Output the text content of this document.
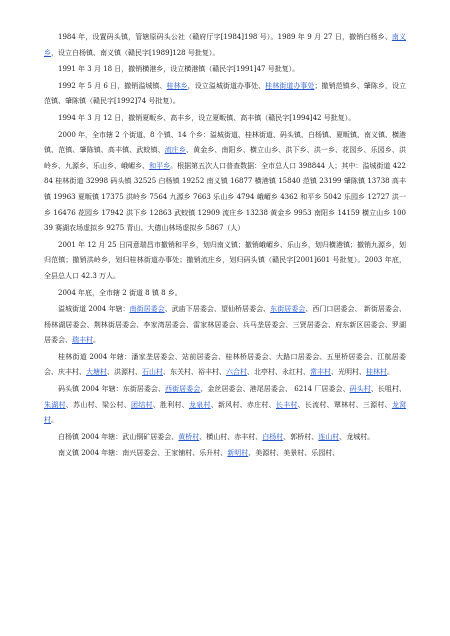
1984 年，设置码头镇，管辖原码头公社（赣府厅字[1984]198 号）。1989 年 9 月 27 日，撤销白杨乡、南义乡，设立白杨镇、南义镇（赣民字[1989]128 号批复）。

1991 年 3 月 18 日，撤销横港乡，设立横港镇（赣民字[1991]47 号批复）。

1992 年 5 月 6 日，撤销溢城镇、桂林乡，设立溢城街道办事处、桂林街道办事处；撤销范镇乡、肇陈乡，设立范镇、肇陈镇（赣民字[1992]74 号批复）。

1994 年 3 月 12 日，撤销夏畈乡、高丰乡，设立夏畈镇、高丰镇（赣民字[1994]42 号批复）。

2000 年，全市辖 2 个街道、8 个镇、14 个乡：溢城街道、桂林街道、码头镇、白杨镇、夏畈镇、南义镇、横港镇、范镇、肇陈镇、高丰镇、武蛟镇、流庄乡、黄金乡、南阳乡、横立山乡、洪下乡、洪一乡、花园乡、乐园乡、洪岭乡、九源乡、乐山乡、峨嵋乡、和平乡。根据第五次人口普查数据：全市总人口 398844 人；其中：溢城街道 42284 桂林街道 32998 码头镇 32525 白杨镇 19252 南义镇 16877 横港镇 15840 范镇 23199 肇陈镇 13738 高丰镇 19963 夏畈镇 17375 洪岭乡 7564 九源乡 7663 乐山乡 4794 峨嵋乡 4362 和平乡 5042 乐园乡 12727 洪一乡 16476 花园乡 17942 洪下乡 12863 武蛟镇 12909 流庄乡 13238 黄金乡 9953 南阳乡 14159 横立山乡 10039 赛湖农场虚拟乡 9275 青山、大德山林场虚拟乡 5867（人）

2001 年 12 月 25 日同意瑞昌市撤销和平乡，划归南义镇；撤销峨嵋乡、乐山乡，划归横港镇；撤销九源乡，划归范镇；撤销洪岭乡，划归桂林街道办事处；撤销流庄乡，划归码头镇（赣民字[2001]601 号批复）。2003 年底，全县总人口 42.3 万人。

2004 年底，全市辖 2 街道 8 镇 8 乡。

溢城街道 2004 年辖：南街居委会、武庙下居委会、望仙桥居委会、东街居委会、西门口居委会、 新街居委会、杨林湖居委会、荆林街居委会、李家湾居委会、雷家林居委会、兵马垄居委会、三贤居委会、府东新区居委会、罗湖居委会、瑞丰村。

桂林街道 2004 年辖：潘家垄居委会、站前居委会、桂林桥居委会、大路口居委会、五里桥居委会、江航居委会、庆丰村、大塘村、洪源村、石山村、东关村、裕丰村、六合村、北亭村、永红村、常丰村、光明村、桂林村。

码头镇 2004 年辖：东街居委会、西街居委会、金丝居委会、港尾居委会、 6214 厂居委会、码头村、长咀村、朱湖村、苏山村、梁公村、团结村、胜利村、龙泉村、新风村、赤庄村、长丰村、长流村、覃林村、三源村、龙窝村。

白杨镇 2004 年辖：武山铜矿居委会、黄桥村、横山村、赤丰村、白杨村、郭桥村、连山村、龙城村。

南义镇 2004 年辖：南兴居委会、王家铺村、乐升村、新明村、美源村、美景村、乐园村、
